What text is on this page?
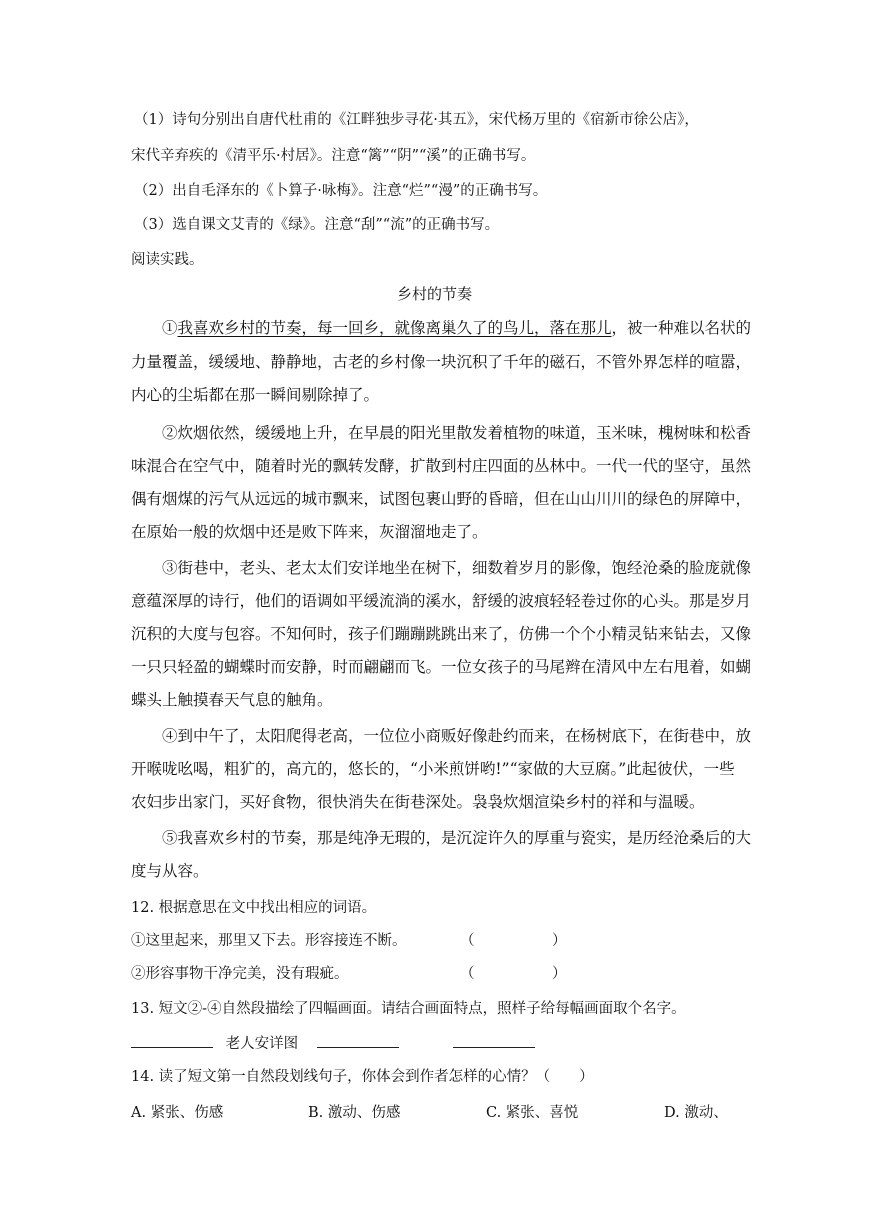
（1）诗句分别出自唐代杜甫的《江畔独步寻花·其五》，宋代杨万里的《宿新市徐公店》，
宋代辛弃疾的《清平乐·村居》。注意“篱”“阴”“溪”的正确书写。
（2）出自毛泽东的《卜算子·咏梅》。注意“烂”“漫”的正确书写。
（3）选自课文艾青的《绿》。注意“刮”“流”的正确书写。
阅读实践。
乡村的节奏
①我喜欢乡村的节奏，每一回乡，就像离巢久了的鸟儿，落在那儿，被一种难以名状的
力量覆盖，缓缓地、静静地，古老的乡村像一块沉积了千年的磁石，不管外界怎样的喧嚣，
内心的尘垢都在那一瞬间剔除掉了。
②炊烟依然，缓缓地上升，在早晨的阳光里散发着植物的味道，玉米味，槐树味和松香
味混合在空气中，随着时光的飘转发酵，扩散到村庄四面的丛林中。一代一代的坚守，虽然
偶有烟煤的污气从远远的城市飘来，试图包裹山野的昏暗，但在山山川川的绿色的屏障中，
在原始一般的炊烟中还是败下阵来，灰溜溜地走了。
③街巷中，老头、老太太们安详地坐在树下，细数着岁月的影像，饱经沧桑的脸庞就像
意蕴深厚的诗行，他们的语调如平缓流淌的溪水，舒缓的波痕轻轻卷过你的心头。那是岁月
沉积的大度与包容。不知何时，孩子们蹦蹦跳跳出来了，仿佛一个个小精灵钻来钻去，又像
一只只轻盈的蝴蝶时而安静，时而翩翩而飞。一位女孩子的马尾辫在清风中左右甩着，如蝴
蝶头上触摸春天气息的触角。
④到中午了，太阳爬得老高，一位位小商贩好像赴约而来，在杨树底下，在街巷中，放
开喉咙吆喝，粗犷的，高亢的，悠长的，“小米煎饼哟!”“家做的大豆腐。”此起彼伏，一些
农妇步出家门，买好食物，很快消失在街巷深处。袅袅炊烟渲染乡村的祥和与温暖。
⑤我喜欢乡村的节奏，那是纯净无瑕的，是沉淀许久的厚重与瓷实，是历经沧桑后的大
度与从容。
12. 根据意思在文中找出相应的词语。
①这里起来，那里又下去。形容接连不断。	（	）
②形容事物干净完美，没有瑕疵。	（	）
13. 短文②-④自然段描绘了四幅画面。请结合画面特点，照样子给每幅画面取个名字。
老人安详图
14. 读了短文第一自然段划线句子，你体会到作者怎样的心情？（　　）
A. 紧张、伤感	B. 激动、伤感	C. 紧张、喜悦	D. 激动、
